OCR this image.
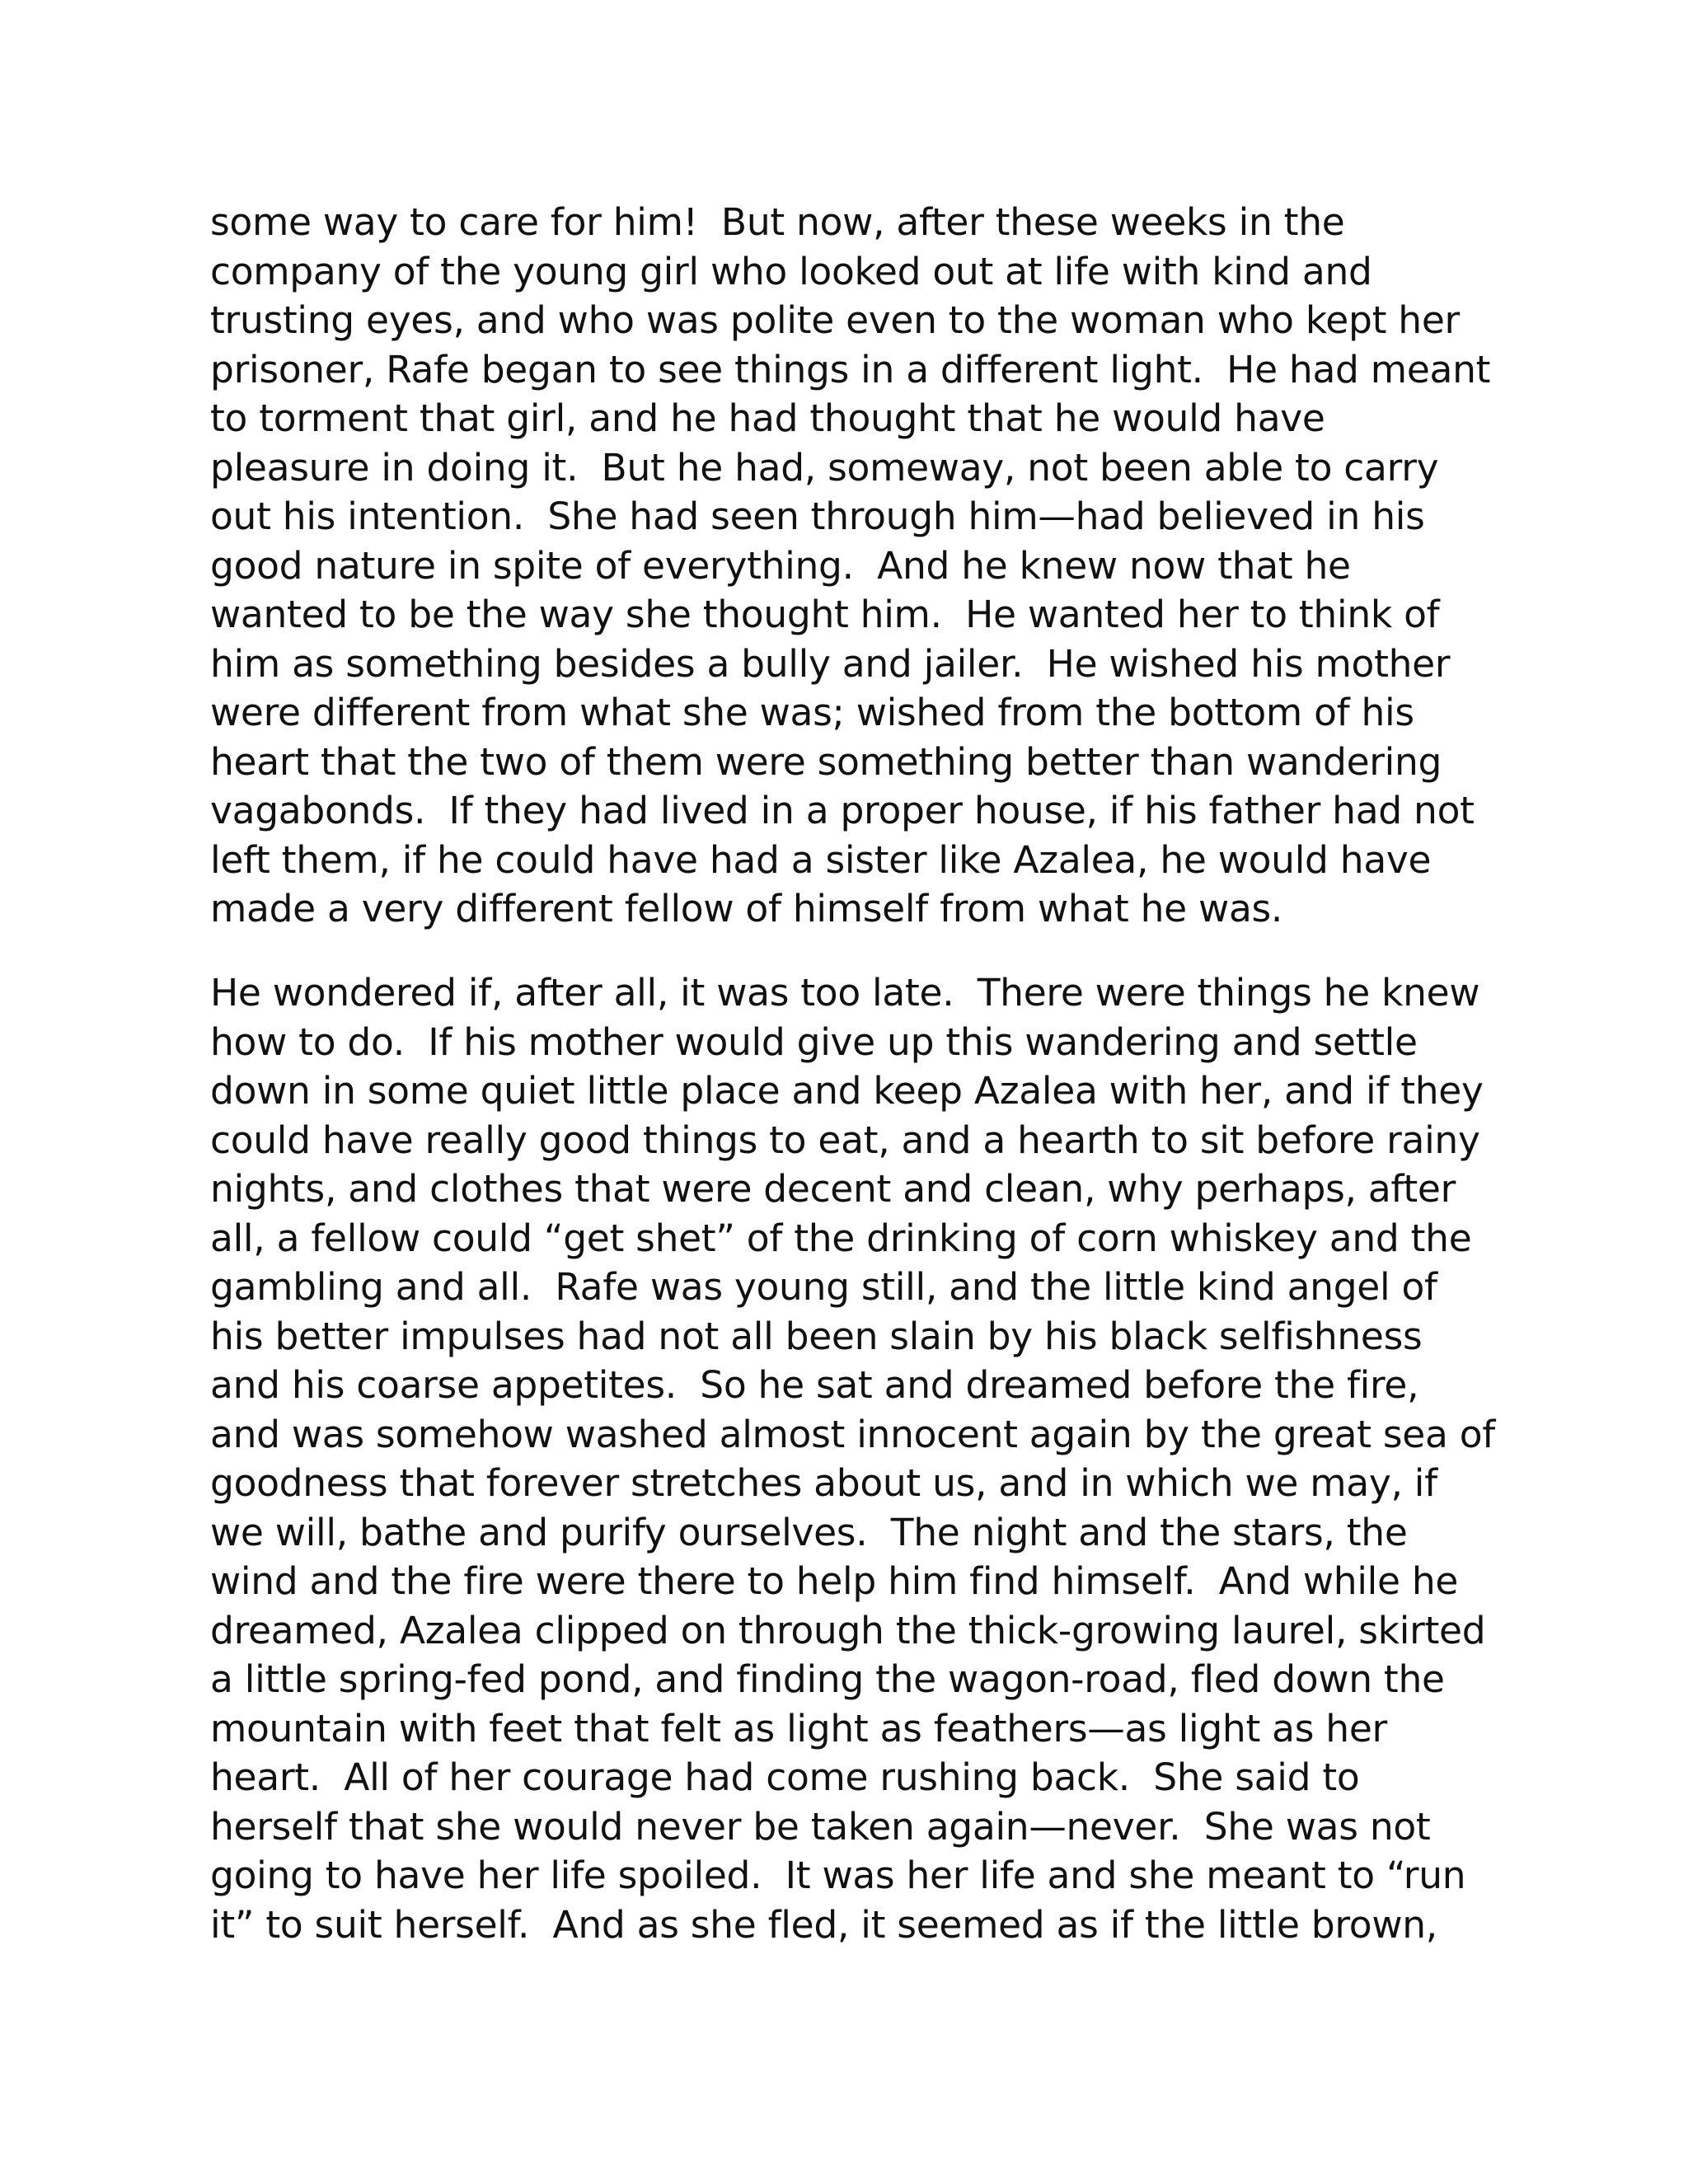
some way to care for him!  But now, after these weeks in the
company of the young girl who looked out at life with kind and
trusting eyes, and who was polite even to the woman who kept her
prisoner, Rafe began to see things in a different light.  He had meant
to torment that girl, and he had thought that he would have
pleasure in doing it.  But he had, someway, not been able to carry
out his intention.  She had seen through him—had believed in his
good nature in spite of everything.  And he knew now that he
wanted to be the way she thought him.  He wanted her to think of
him as something besides a bully and jailer.  He wished his mother
were different from what she was; wished from the bottom of his
heart that the two of them were something better than wandering
vagabonds.  If they had lived in a proper house, if his father had not
left them, if he could have had a sister like Azalea, he would have
made a very different fellow of himself from what he was.
He wondered if, after all, it was too late.  There were things he knew
how to do.  If his mother would give up this wandering and settle
down in some quiet little place and keep Azalea with her, and if they
could have really good things to eat, and a hearth to sit before rainy
nights, and clothes that were decent and clean, why perhaps, after
all, a fellow could “get shet” of the drinking of corn whiskey and the
gambling and all.  Rafe was young still, and the little kind angel of
his better impulses had not all been slain by his black selfishness
and his coarse appetites.  So he sat and dreamed before the fire,
and was somehow washed almost innocent again by the great sea of
goodness that forever stretches about us, and in which we may, if
we will, bathe and purify ourselves.  The night and the stars, the
wind and the fire were there to help him find himself.  And while he
dreamed, Azalea clipped on through the thick-growing laurel, skirted
a little spring-fed pond, and finding the wagon-road, fled down the
mountain with feet that felt as light as feathers—as light as her
heart.  All of her courage had come rushing back.  She said to
herself that she would never be taken again—never.  She was not
going to have her life spoiled.  It was her life and she meant to “run
it” to suit herself.  And as she fled, it seemed as if the little brown,
